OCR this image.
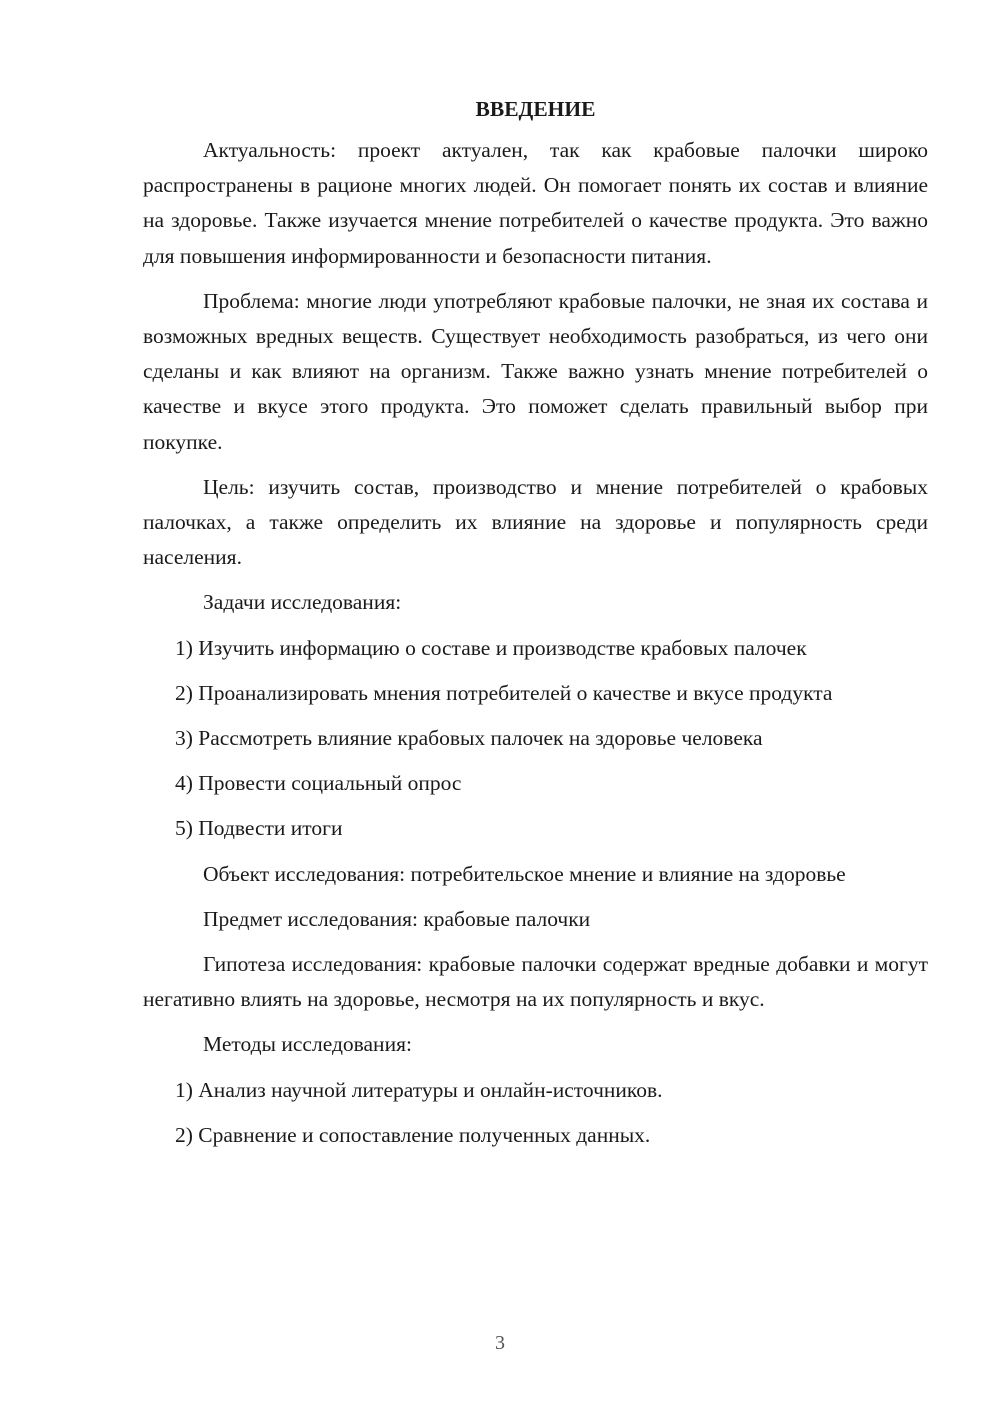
ВВЕДЕНИЕ

Актуальность: проект актуален, так как крабовые палочки широко распространены в рационе многих людей. Он помогает понять их состав и влияние на здоровье. Также изучается мнение потребителей о качестве продукта. Это важно для повышения информированности и безопасности питания.

Проблема: многие люди употребляют крабовые палочки, не зная их состава и возможных вредных веществ. Существует необходимость разобраться, из чего они сделаны и как влияют на организм. Также важно узнать мнение потребителей о качестве и вкусе этого продукта. Это поможет сделать правильный выбор при покупке.

Цель: изучить состав, производство и мнение потребителей о крабовых палочках, а также определить их влияние на здоровье и популярность среди населения.

Задачи исследования:

1) Изучить информацию о составе и производстве крабовых палочек

2) Проанализировать мнения потребителей о качестве и вкусе продукта

3) Рассмотреть влияние крабовых палочек на здоровье человека

4) Провести социальный опрос

5) Подвести итоги

Объект исследования: потребительское мнение и влияние на здоровье

Предмет исследования: крабовые палочки

Гипотеза исследования: крабовые палочки содержат вредные добавки и могут негативно влиять на здоровье, несмотря на их популярность и вкус.

Методы исследования:

1) Анализ научной литературы и онлайн-источников.

2) Сравнение и сопоставление полученных данных.

3
